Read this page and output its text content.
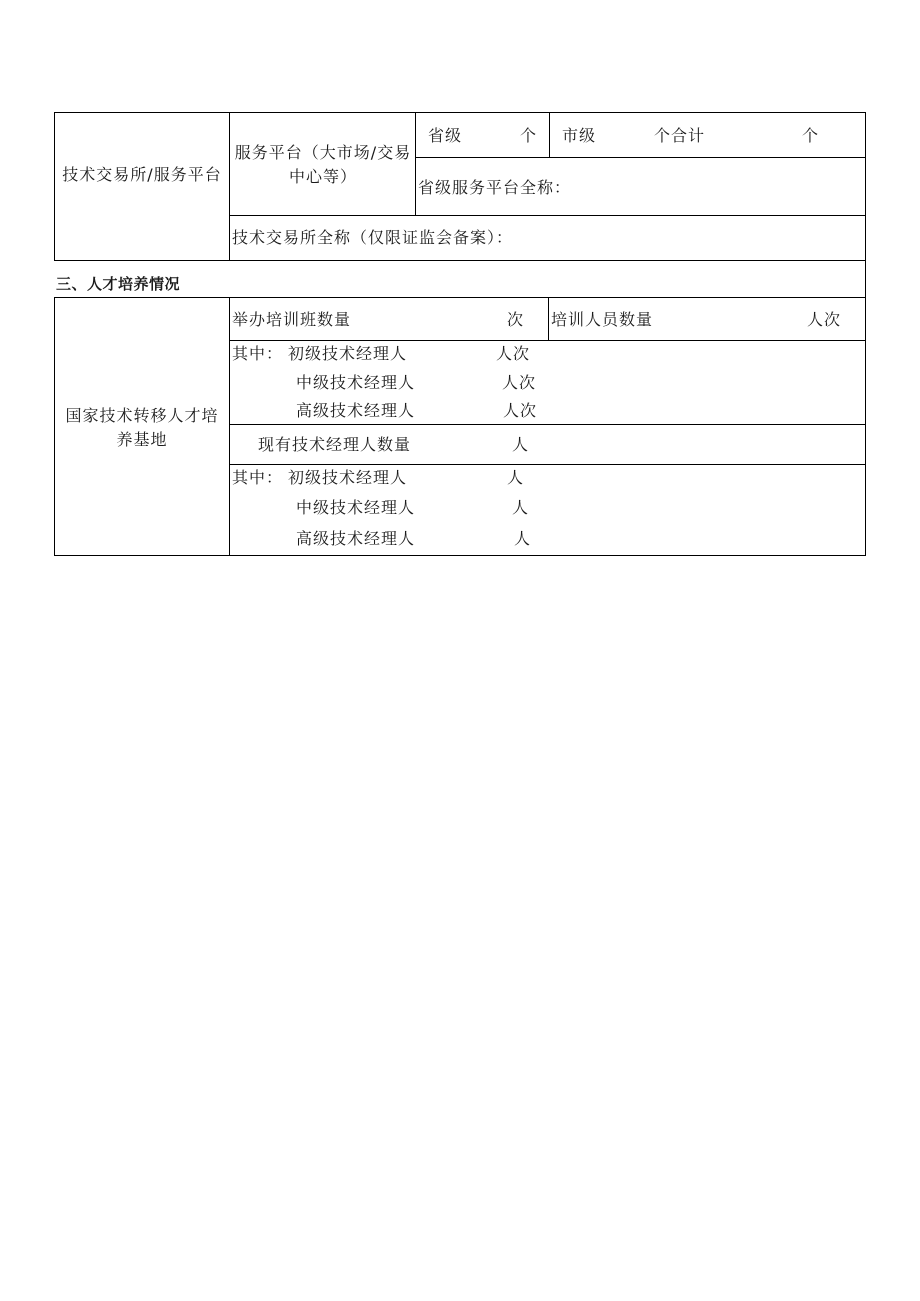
技术交易所/服务平台
服务平台（大市场/交易中心等）
省级	个 市级	个合计	个
省级服务平台全称：
技术交易所全称（仅限证监会备案）：
三、人才培养情况
国家技术转移人才培养基地
举办培训班数量	次 培训人员数量	人次
其中： 初级技术经理人	人次
中级技术经理人	人次
高级技术经理人	人次
现有技术经理人数量	人
其中： 初级技术经理人	人
中级技术经理人	人
高级技术经理人	人
